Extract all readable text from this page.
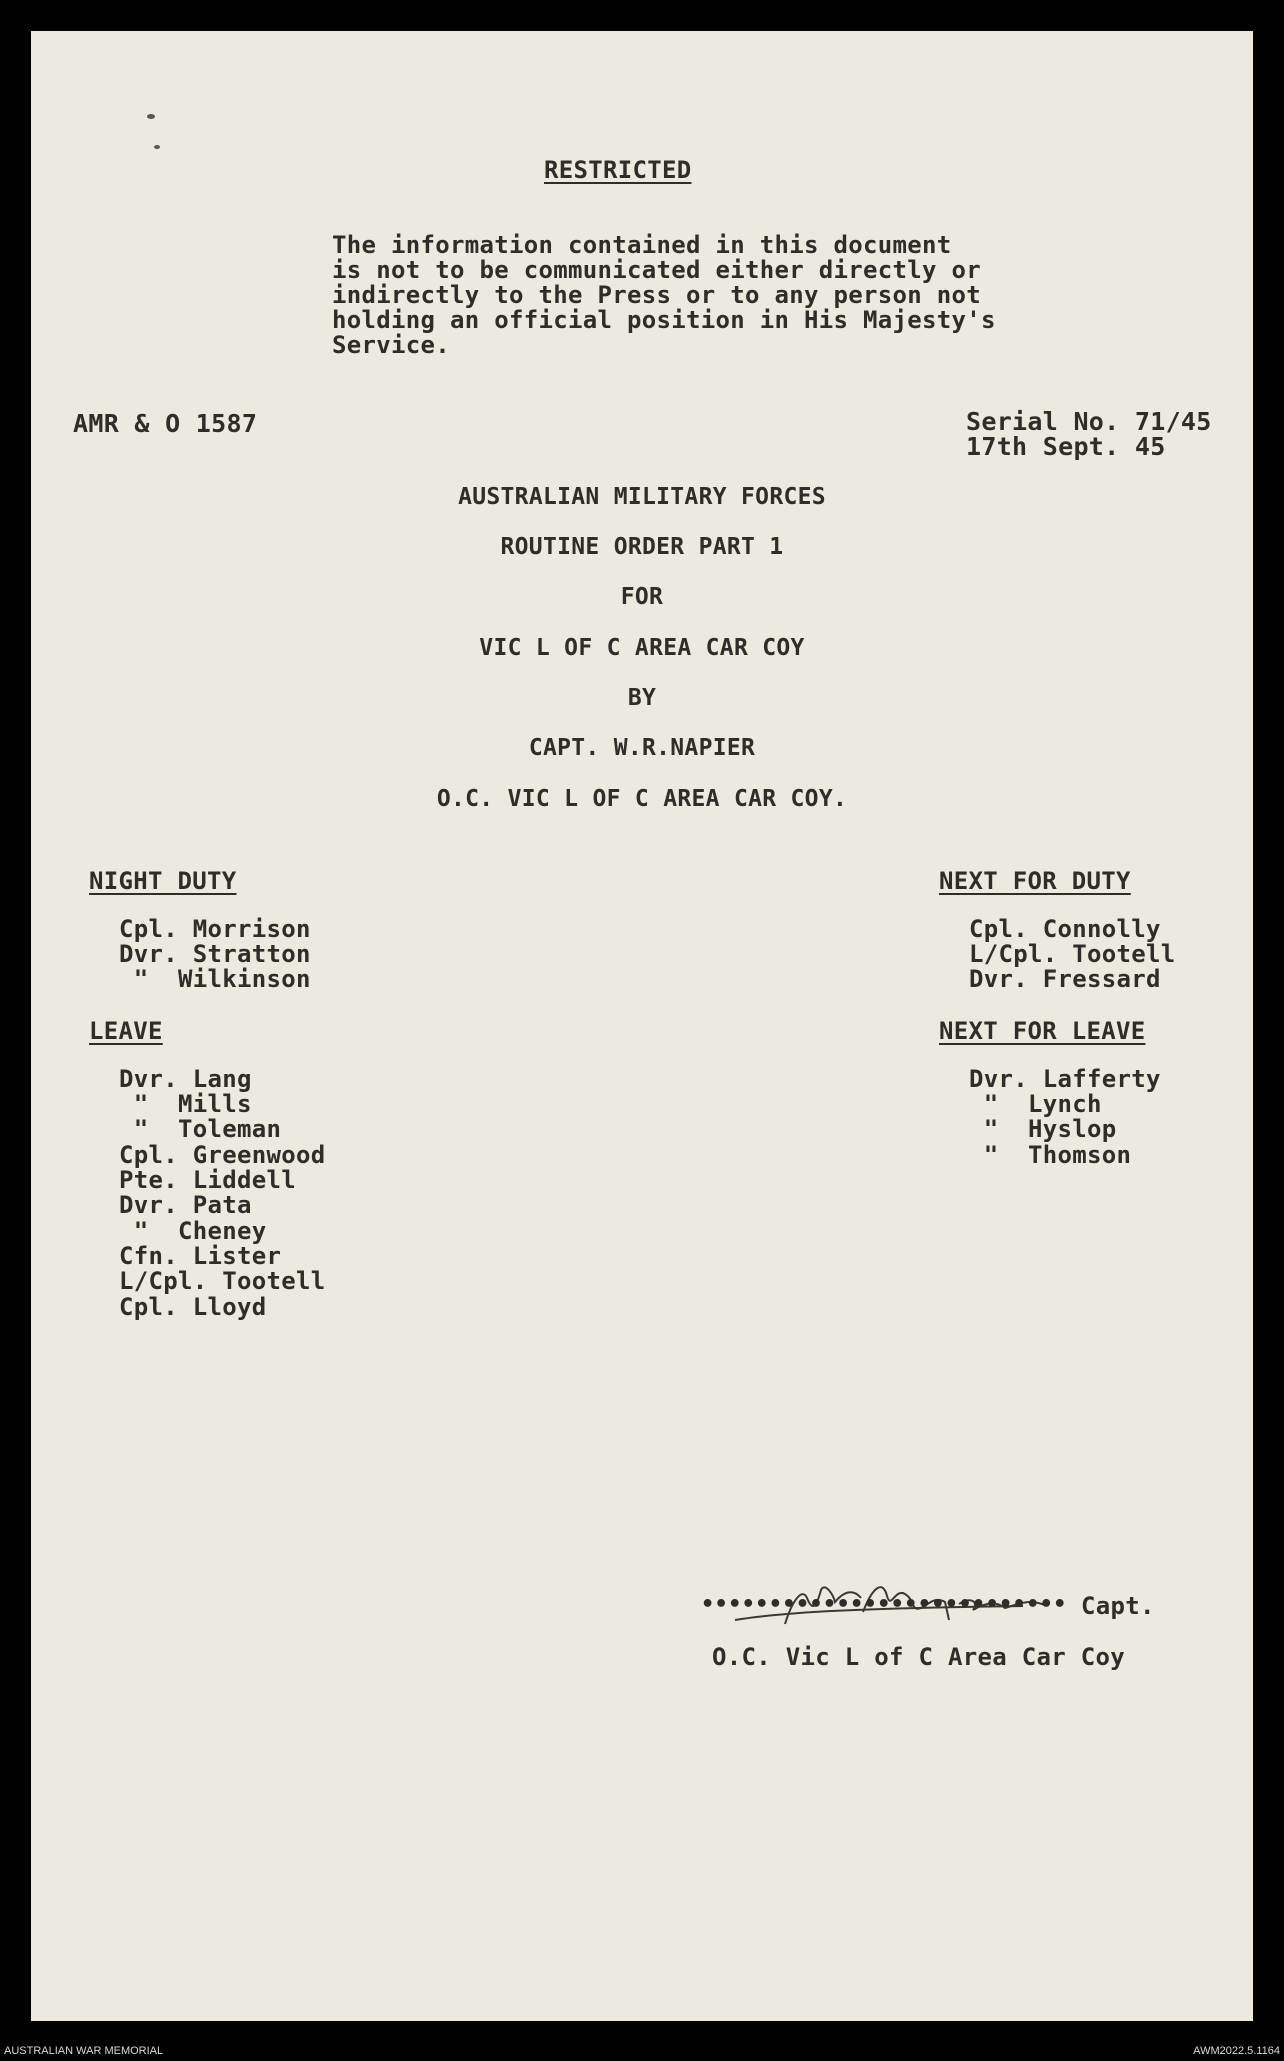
RESTRICTED
The information contained in this document
is not to be communicated either directly or
indirectly to the Press or to any person not
holding an official position in His Majesty's
Service.
AMR & O 1587	Serial No. 71/45
17th Sept. 45
AUSTRALIAN MILITARY FORCES
ROUTINE ORDER PART 1
FOR
VIC L OF C AREA CAR COY
BY
CAPT. W.R.NAPIER
O.C. VIC L OF C AREA CAR COY.
NIGHT DUTY
Cpl. Morrison
Dvr. Stratton
"  Wilkinson
NEXT FOR DUTY
Cpl. Connolly
L/Cpl. Tootell
Dvr. Fressard
LEAVE
Dvr. Lang
"  Mills
"  Toleman
Cpl. Greenwood
Pte. Liddell
Dvr. Pata
"  Cheney
Cfn. Lister
L/Cpl. Tootell
Cpl. Lloyd
NEXT FOR LEAVE
Dvr. Lafferty
"  Lynch
"  Hyslop
"  Thomson
••••••••••••••••••••••••••• Capt.
O.C. Vic L of C Area Car Coy
AUSTRALIAN WAR MEMORIAL	AWM2022.5.1164
